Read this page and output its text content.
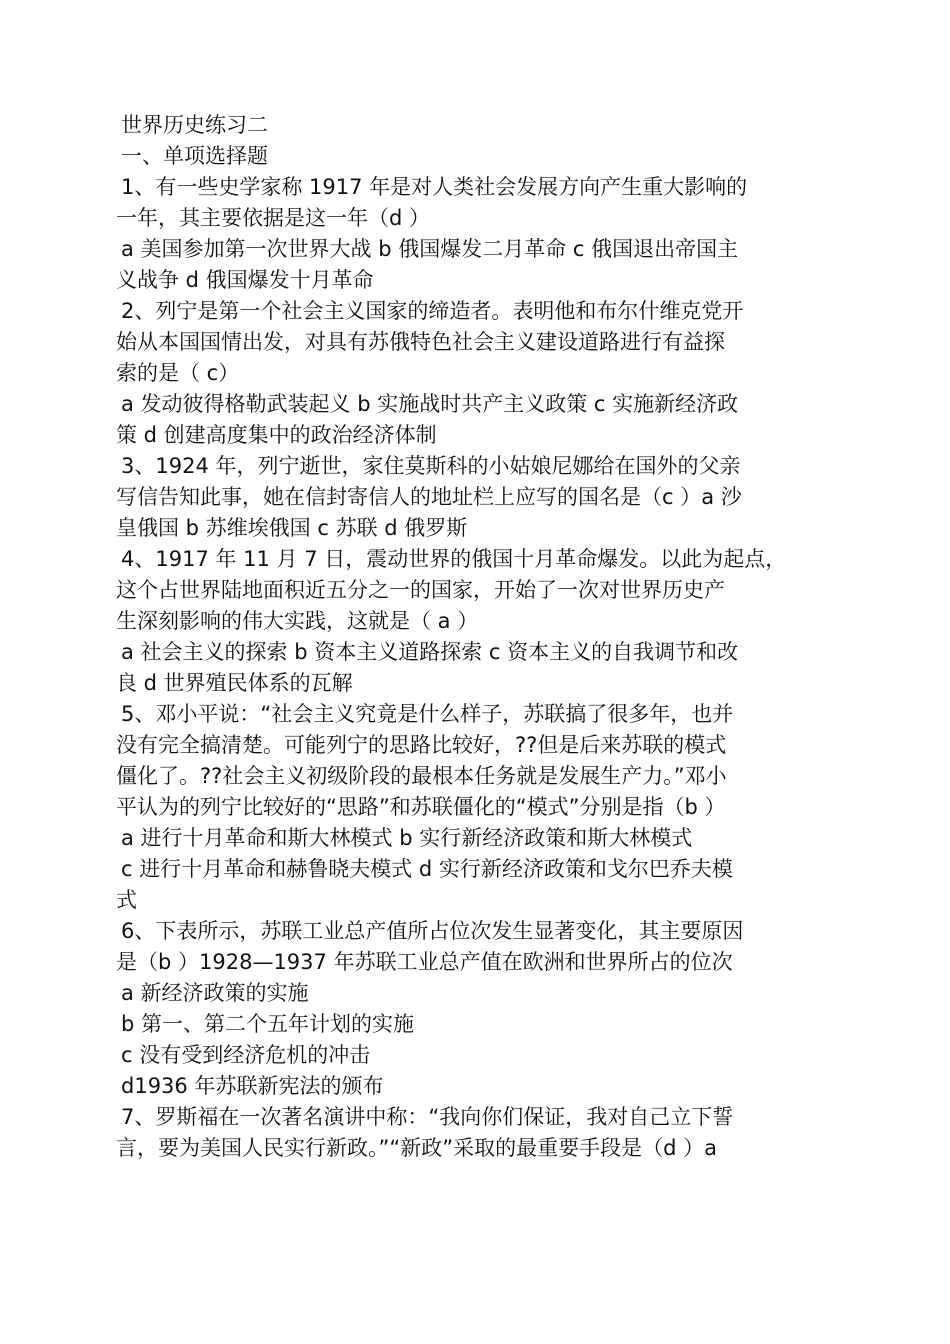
世界历史练习二
一、单项选择题
1、有一些史学家称 1917 年是对人类社会发展方向产生重大影响的
一年，其主要依据是这一年（d ）
a 美国参加第一次世界大战 b 俄国爆发二月革命 c 俄国退出帝国主
义战争 d 俄国爆发十月革命
2、列宁是第一个社会主义国家的缔造者。表明他和布尔什维克党开
始从本国国情出发，对具有苏俄特色社会主义建设道路进行有益探
索的是（ c）
a 发动彼得格勒武装起义 b 实施战时共产主义政策 c 实施新经济政
策 d 创建高度集中的政治经济体制
3、1924 年，列宁逝世，家住莫斯科的小姑娘尼娜给在国外的父亲
写信告知此事，她在信封寄信人的地址栏上应写的国名是（c ）a 沙
皇俄国 b 苏维埃俄国 c 苏联 d 俄罗斯
4、1917 年 11 月 7 日，震动世界的俄国十月革命爆发。以此为起点，
这个占世界陆地面积近五分之一的国家，开始了一次对世界历史产
生深刻影响的伟大实践，这就是（ a ）
a 社会主义的探索 b 资本主义道路探索 c 资本主义的自我调节和改
良 d 世界殖民体系的瓦解
5、邓小平说：“社会主义究竟是什么样子，苏联搞了很多年，也并
没有完全搞清楚。可能列宁的思路比较好，??但是后来苏联的模式
僵化了。??社会主义初级阶段的最根本任务就是发展生产力。”邓小
平认为的列宁比较好的“思路”和苏联僵化的“模式”分别是指（b ）
a 进行十月革命和斯大林模式 b 实行新经济政策和斯大林模式
c 进行十月革命和赫鲁晓夫模式 d 实行新经济政策和戈尔巴乔夫模
式
6、下表所示，苏联工业总产值所占位次发生显著变化，其主要原因
是（b ）1928—1937 年苏联工业总产值在欧洲和世界所占的位次
a 新经济政策的实施
b 第一、第二个五年计划的实施
c 没有受到经济危机的冲击
d1936 年苏联新宪法的颁布
7、罗斯福在一次著名演讲中称：“我向你们保证，我对自己立下誓
言，要为美国人民实行新政。”“新政”采取的最重要手段是（d ）a
